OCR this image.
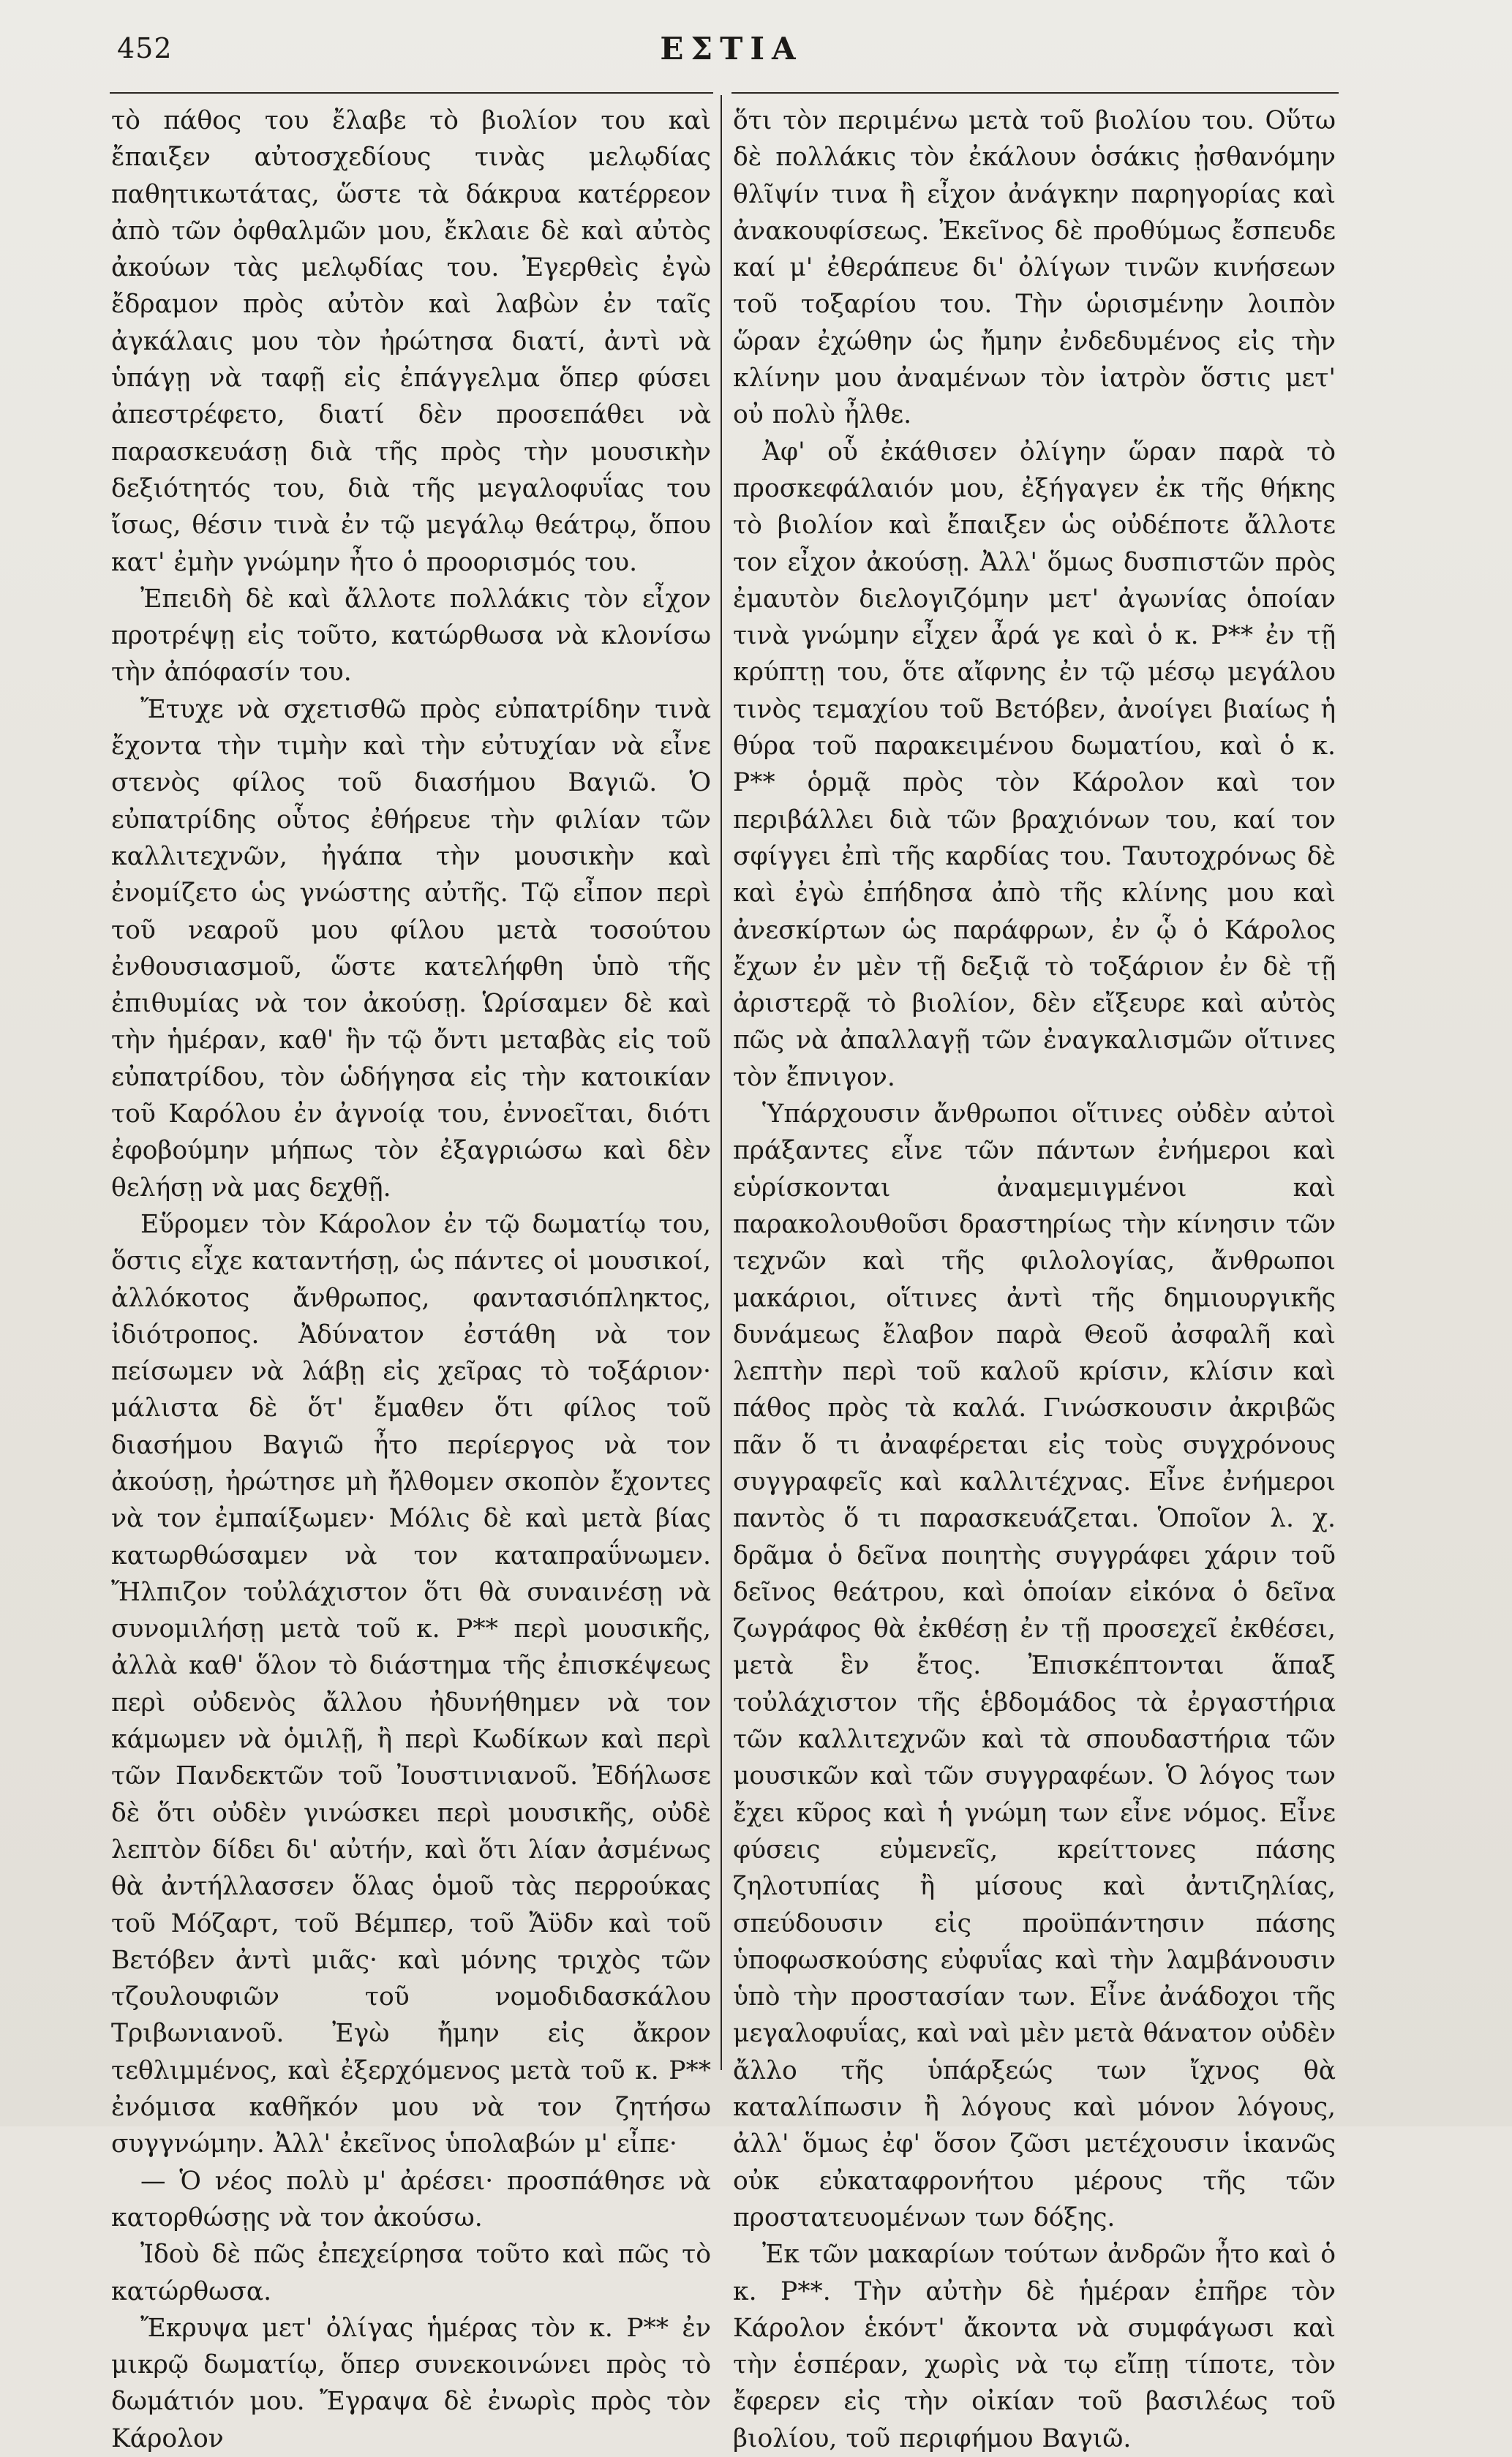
452	ΕΣΤΙΑ

τὸ πάθος του ἔλαβε τὸ βιολίον του καὶ ἔπαιξεν αὐτοσχεδίους τινὰς μελῳδίας παθητικωτάτας, ὥστε τὰ δάκρυα κατέρρεον ἀπὸ τῶν ὀφθαλμῶν μου, ἔκλαιε δὲ καὶ αὐτὸς ἀκούων τὰς μελῳδίας του. Ἐγερθεὶς ἐγὼ ἔδραμον πρὸς αὐτὸν καὶ λαβὼν ἐν ταῖς ἀγκάλαις μου τὸν ἠρώτησα διατί, ἀντὶ νὰ ὑπάγῃ νὰ ταφῇ εἰς ἐπάγγελμα ὅπερ φύσει ἀπεστρέφετο, διατί δὲν προσεπάθει νὰ παρασκευάσῃ διὰ τῆς πρὸς τὴν μουσικὴν δεξιότητός του, διὰ τῆς μεγαλοφυΐας του ἴσως, θέσιν τινὰ ἐν τῷ μεγάλῳ θεάτρῳ, ὅπου κατ' ἐμὴν γνώμην ἦτο ὁ προορισμός του.

Ἐπειδὴ δὲ καὶ ἄλλοτε πολλάκις τὸν εἶχον προτρέψῃ εἰς τοῦτο, κατώρθωσα νὰ κλονίσω τὴν ἀπόφασίν του.

Ἔτυχε νὰ σχετισθῶ πρὸς εὐπατρίδην τινὰ ἔχοντα τὴν τιμὴν καὶ τὴν εὐτυχίαν νὰ εἶνε στενὸς φίλος τοῦ διασήμου Βαγιῶ. Ὁ εὐπατρίδης οὗτος ἐθήρευε τὴν φιλίαν τῶν καλλιτεχνῶν, ἠγάπα τὴν μουσικὴν καὶ ἐνομίζετο ὡς γνώστης αὐτῆς. Τῷ εἶπον περὶ τοῦ νεαροῦ μου φίλου μετὰ τοσούτου ἐνθουσιασμοῦ, ὥστε κατελήφθη ὑπὸ τῆς ἐπιθυμίας νὰ τον ἀκούσῃ. Ὡρίσαμεν δὲ καὶ τὴν ἡμέραν, καθ' ἣν τῷ ὄντι μεταβὰς εἰς τοῦ εὐπατρίδου, τὸν ὡδήγησα εἰς τὴν κατοικίαν τοῦ Καρόλου ἐν ἀγνοίᾳ του, ἐννοεῖται, διότι ἐφοβούμην μήπως τὸν ἐξαγριώσω καὶ δὲν θελήσῃ νὰ μας δεχθῇ.

Εὕρομεν τὸν Κάρολον ἐν τῷ δωματίῳ του, ὅστις εἶχε καταντήσῃ, ὡς πάντες οἱ μουσικοί, ἀλλόκοτος ἄνθρωπος, φαντασιόπληκτος, ἰδιότροπος. Ἀδύνατον ἐστάθη νὰ τον πείσωμεν νὰ λάβῃ εἰς χεῖρας τὸ τοξάριον· μάλιστα δὲ ὅτ' ἔμαθεν ὅτι φίλος τοῦ διασήμου Βαγιῶ ἦτο περίεργος νὰ τον ἀκούσῃ, ἠρώτησε μὴ ἤλθομεν σκοπὸν ἔχοντες νὰ τον ἐμπαίξωμεν· Μόλις δὲ καὶ μετὰ βίας κατωρθώσαμεν νὰ τον καταπραΰνωμεν. Ἤλπιζον τοὐλάχιστον ὅτι θὰ συναινέσῃ νὰ συνομιλήσῃ μετὰ τοῦ κ. Ρ** περὶ μουσικῆς, ἀλλὰ καθ' ὅλον τὸ διάστημα τῆς ἐπισκέψεως περὶ οὐδενὸς ἄλλου ἠδυνήθημεν νὰ τον κάμωμεν νὰ ὁμιλῇ, ἢ περὶ Κωδίκων καὶ περὶ τῶν Πανδεκτῶν τοῦ Ἰουστινιανοῦ. Ἐδήλωσε δὲ ὅτι οὐδὲν γινώσκει περὶ μουσικῆς, οὐδὲ λεπτὸν δίδει δι' αὐτήν, καὶ ὅτι λίαν ἀσμένως θὰ ἀντήλλασσεν ὅλας ὁμοῦ τὰς περρούκας τοῦ Μόζαρτ, τοῦ Βέμπερ, τοῦ Ἄϋδν καὶ τοῦ Βετόβεν ἀντὶ μιᾶς· καὶ μόνης τριχὸς τῶν τζουλουφιῶν τοῦ νομοδιδασκάλου Τριβωνιανοῦ. Ἐγὼ ἤμην εἰς ἄκρον τεθλιμμένος, καὶ ἐξερχόμενος μετὰ τοῦ κ. Ρ** ἐνόμισα καθῆκόν μου νὰ τον ζητήσω συγγνώμην. Ἀλλ' ἐκεῖνος ὑπολαβών μ' εἶπε·

— Ὁ νέος πολὺ μ' ἀρέσει· προσπάθησε νὰ κατορθώσῃς νὰ τον ἀκούσω.

Ἰδοὺ δὲ πῶς ἐπεχείρησα τοῦτο καὶ πῶς τὸ κατώρθωσα.

Ἔκρυψα μετ' ὀλίγας ἡμέρας τὸν κ. Ρ** ἐν μικρῷ δωματίῳ, ὅπερ συνεκοινώνει πρὸς τὸ δωμάτιόν μου. Ἔγραψα δὲ ἐνωρὶς πρὸς τὸν Κάρολον

ὅτι τὸν περιμένω μετὰ τοῦ βιολίου του. Οὕτω δὲ πολλάκις τὸν ἐκάλουν ὁσάκις ᾐσθανόμην θλῖψίν τινα ἢ εἶχον ἀνάγκην παρηγορίας καὶ ἀνακουφίσεως. Ἐκεῖνος δὲ προθύμως ἔσπευδε καί μ' ἐθεράπευε δι' ὀλίγων τινῶν κινήσεων τοῦ τοξαρίου του. Τὴν ὡρισμένην λοιπὸν ὥραν ἐχώθην ὡς ἤμην ἐνδεδυμένος εἰς τὴν κλίνην μου ἀναμένων τὸν ἰατρὸν ὅστις μετ' οὐ πολὺ ἦλθε.

Ἀφ' οὗ ἐκάθισεν ὀλίγην ὥραν παρὰ τὸ προσκεφάλαιόν μου, ἐξήγαγεν ἐκ τῆς θήκης τὸ βιολίον καὶ ἔπαιξεν ὡς οὐδέποτε ἄλλοτε τον εἶχον ἀκούσῃ. Ἀλλ' ὅμως δυσπιστῶν πρὸς ἐμαυτὸν διελογιζόμην μετ' ἀγωνίας ὁποίαν τινὰ γνώμην εἶχεν ἆρά γε καὶ ὁ κ. Ρ** ἐν τῇ κρύπτῃ του, ὅτε αἴφνης ἐν τῷ μέσῳ μεγάλου τινὸς τεμαχίου τοῦ Βετόβεν, ἀνοίγει βιαίως ἡ θύρα τοῦ παρακειμένου δωματίου, καὶ ὁ κ. Ρ** ὁρμᾷ πρὸς τὸν Κάρολον καὶ τον περιβάλλει διὰ τῶν βραχιόνων του, καί τον σφίγγει ἐπὶ τῆς καρδίας του. Ταυτοχρόνως δὲ καὶ ἐγὼ ἐπήδησα ἀπὸ τῆς κλίνης μου καὶ ἀνεσκίρτων ὡς παράφρων, ἐν ᾧ ὁ Κάρολος ἔχων ἐν μὲν τῇ δεξιᾷ τὸ τοξάριον ἐν δὲ τῇ ἀριστερᾷ τὸ βιολίον, δὲν εἴξευρε καὶ αὐτὸς πῶς νὰ ἀπαλλαγῇ τῶν ἐναγκαλισμῶν οἵτινες τὸν ἔπνιγον.

Ὑπάρχουσιν ἄνθρωποι οἵτινες οὐδὲν αὐτοὶ πράξαντες εἶνε τῶν πάντων ἐνήμεροι καὶ εὑρίσκονται ἀναμεμιγμένοι καὶ παρακολουθοῦσι δραστηρίως τὴν κίνησιν τῶν τεχνῶν καὶ τῆς φιλολογίας, ἄνθρωποι μακάριοι, οἵτινες ἀντὶ τῆς δημιουργικῆς δυνάμεως ἔλαβον παρὰ Θεοῦ ἀσφαλῆ καὶ λεπτὴν περὶ τοῦ καλοῦ κρίσιν, κλίσιν καὶ πάθος πρὸς τὰ καλά. Γινώσκουσιν ἀκριβῶς πᾶν ὅ τι ἀναφέρεται εἰς τοὺς συγχρόνους συγγραφεῖς καὶ καλλιτέχνας. Εἶνε ἐνήμεροι παντὸς ὅ τι παρασκευάζεται. Ὁποῖον λ. χ. δρᾶμα ὁ δεῖνα ποιητὴς συγγράφει χάριν τοῦ δεῖνος θεάτρου, καὶ ὁποίαν εἰκόνα ὁ δεῖνα ζωγράφος θὰ ἐκθέσῃ ἐν τῇ προσεχεῖ ἐκθέσει, μετὰ ἓν ἔτος. Ἐπισκέπτονται ἅπαξ τοὐλάχιστον τῆς ἑβδομάδος τὰ ἐργαστήρια τῶν καλλιτεχνῶν καὶ τὰ σπουδαστήρια τῶν μουσικῶν καὶ τῶν συγγραφέων. Ὁ λόγος των ἔχει κῦρος καὶ ἡ γνώμη των εἶνε νόμος. Εἶνε φύσεις εὐμενεῖς, κρείττονες πάσης ζηλοτυπίας ἢ μίσους καὶ ἀντιζηλίας, σπεύδουσιν εἰς προϋπάντησιν πάσης ὑποφωσκούσης εὐφυΐας καὶ τὴν λαμβάνουσιν ὑπὸ τὴν προστασίαν των. Εἶνε ἀνάδοχοι τῆς μεγαλοφυΐας, καὶ ναὶ μὲν μετὰ θάνατον οὐδὲν ἄλλο τῆς ὑπάρξεώς των ἴχνος θὰ καταλίπωσιν ἢ λόγους καὶ μόνον λόγους, ἀλλ' ὅμως ἐφ' ὅσον ζῶσι μετέχουσιν ἱκανῶς οὐκ εὐκαταφρονήτου μέρους τῆς τῶν προστατευομένων των δόξης.

Ἐκ τῶν μακαρίων τούτων ἀνδρῶν ἦτο καὶ ὁ κ. Ρ**. Τὴν αὐτὴν δὲ ἡμέραν ἐπῆρε τὸν Κάρολον ἑκόντ' ἄκοντα νὰ συμφάγωσι καὶ τὴν ἑσπέραν, χωρὶς νὰ τῳ εἴπῃ τίποτε, τὸν ἔφερεν εἰς τὴν οἰκίαν τοῦ βασιλέως τοῦ βιολίου, τοῦ περιφήμου Βαγιῶ.
